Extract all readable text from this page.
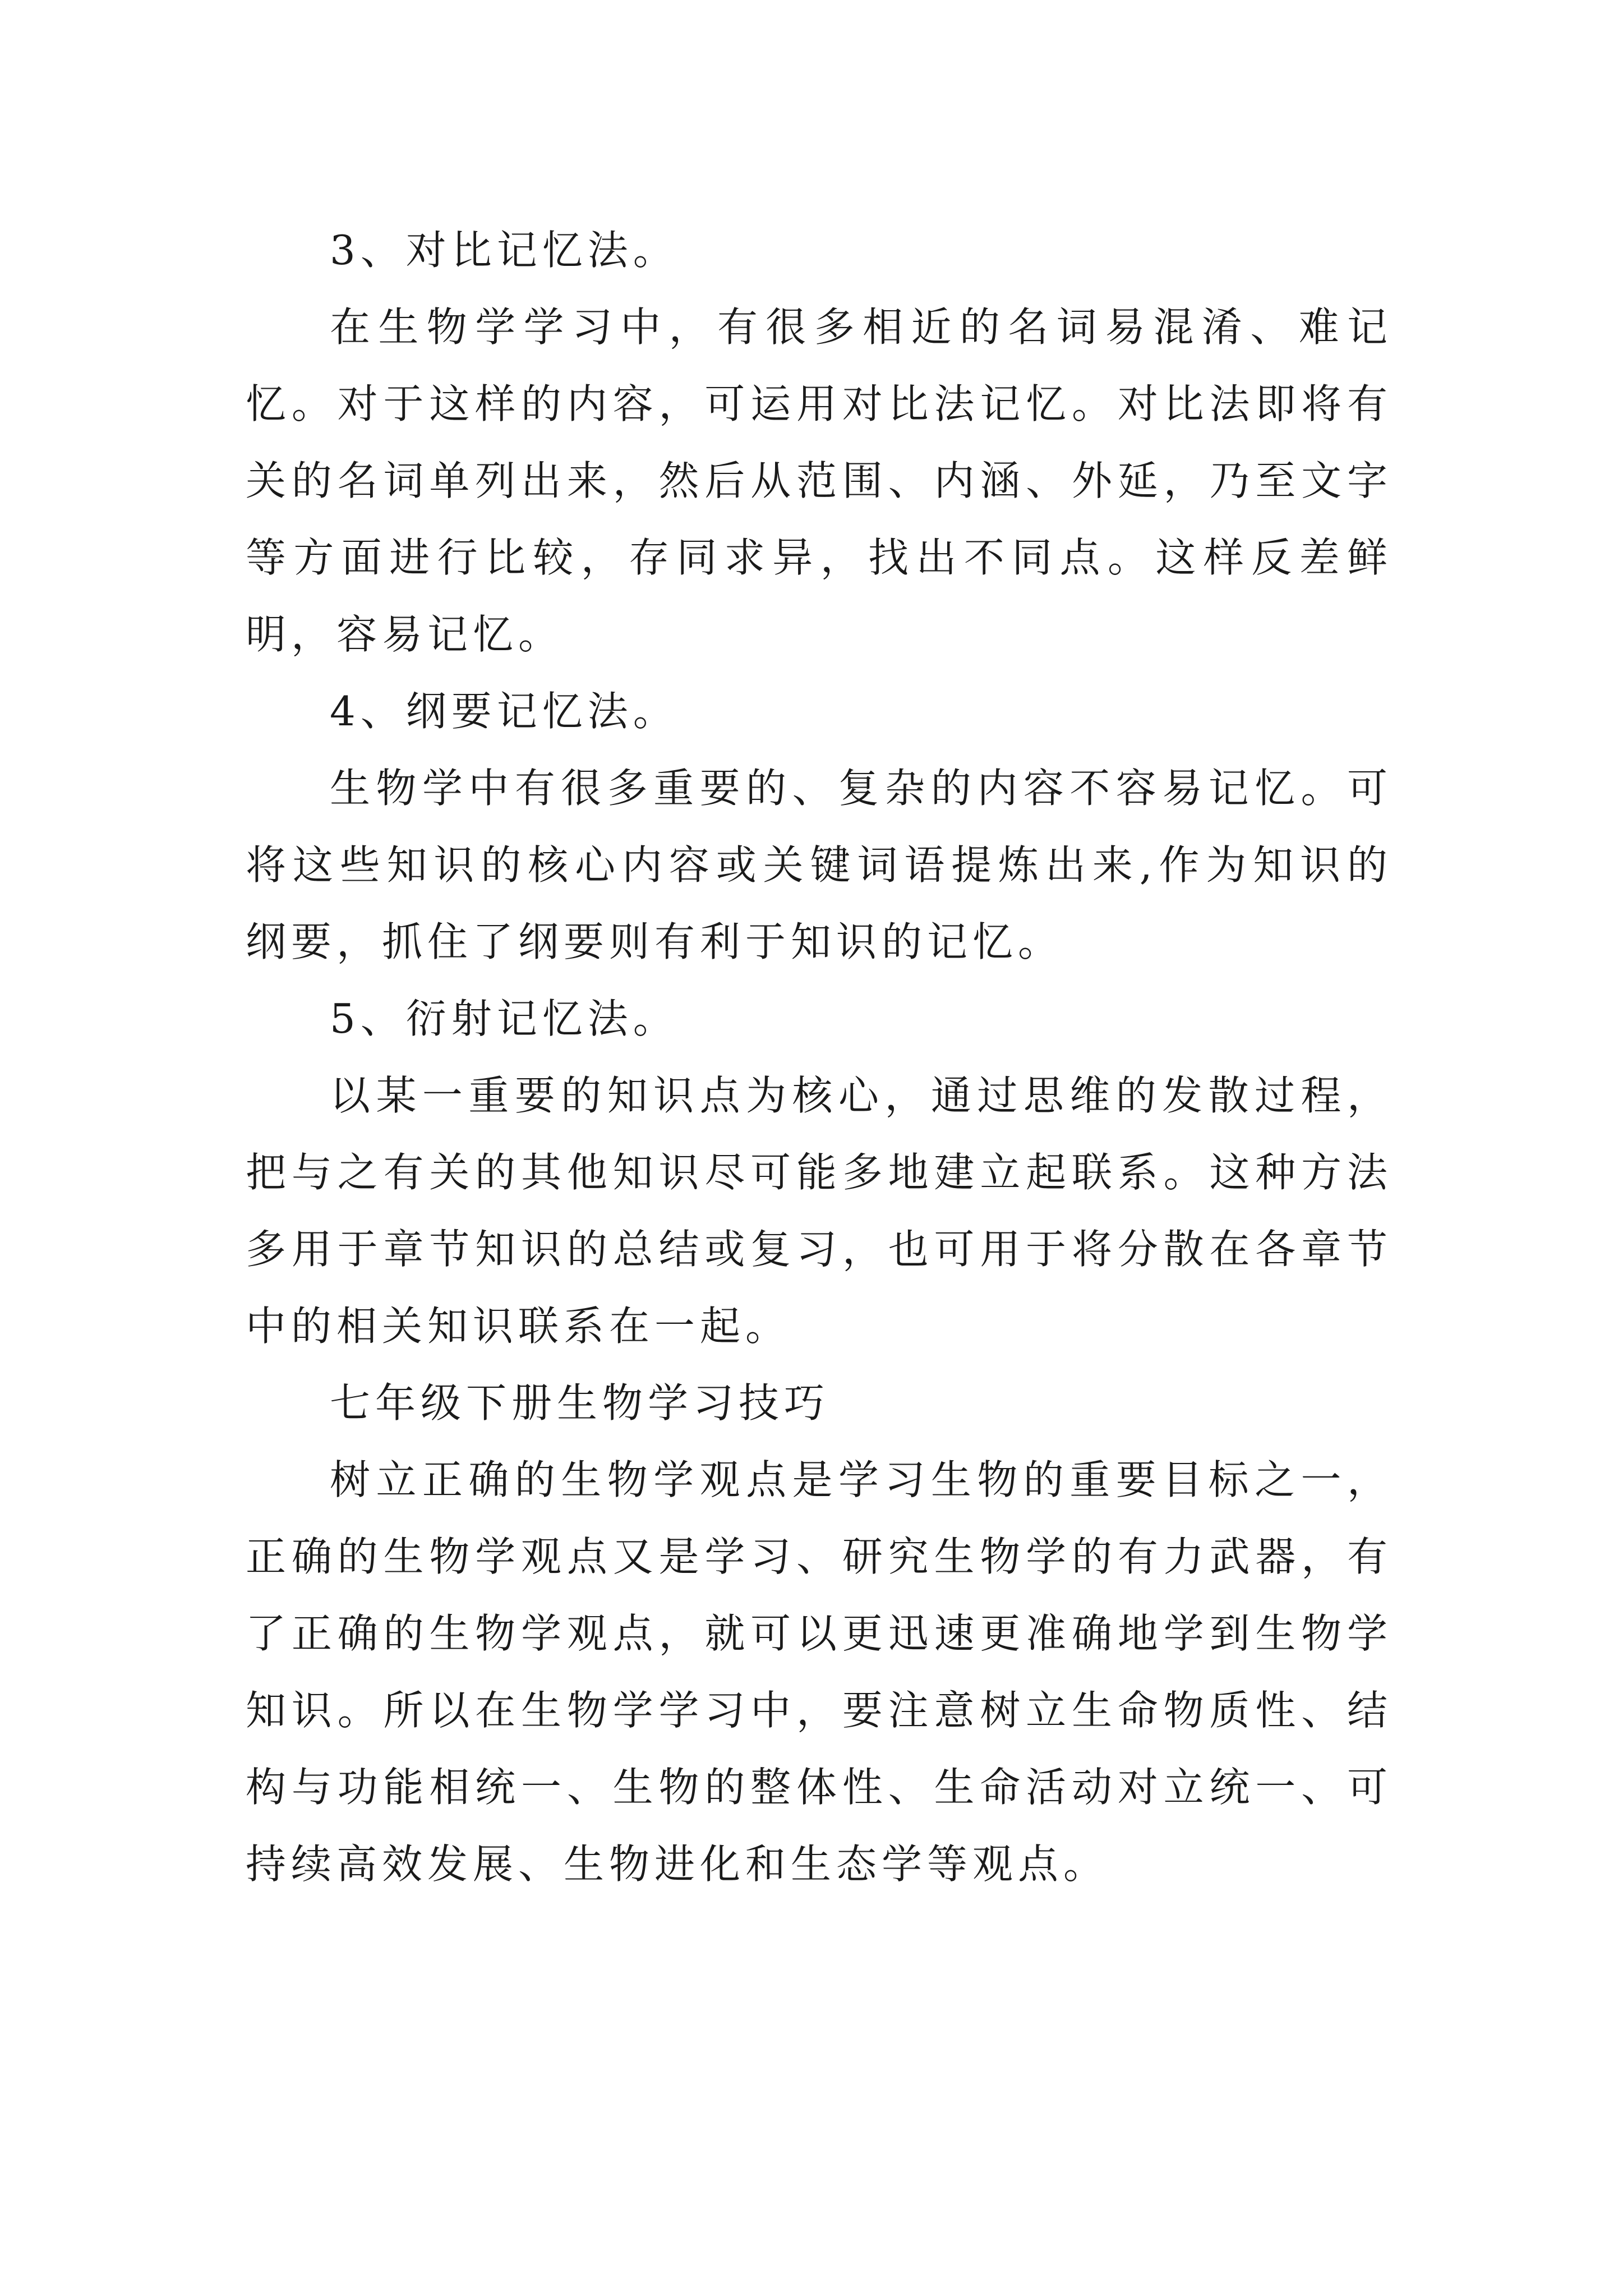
3、对比记忆法。

在生物学学习中，有很多相近的名词易混淆、难记忆。对于这样的内容，可运用对比法记忆。对比法即将有关的名词单列出来，然后从范围、内涵、外延，乃至文字等方面进行比较，存同求异，找出不同点。这样反差鲜明，容易记忆。

4、纲要记忆法。

生物学中有很多重要的、复杂的内容不容易记忆。可将这些知识的核心内容或关键词语提炼出来,作为知识的纲要，抓住了纲要则有利于知识的记忆。

5、衍射记忆法。

以某一重要的知识点为核心，通过思维的发散过程，把与之有关的其他知识尽可能多地建立起联系。这种方法多用于章节知识的总结或复习，也可用于将分散在各章节中的相关知识联系在一起。

七年级下册生物学习技巧

树立正确的生物学观点是学习生物的重要目标之一，正确的生物学观点又是学习、研究生物学的有力武器，有了正确的生物学观点，就可以更迅速更准确地学到生物学知识。所以在生物学学习中，要注意树立生命物质性、结构与功能相统一、生物的整体性、生命活动对立统一、可持续高效发展、生物进化和生态学等观点。
